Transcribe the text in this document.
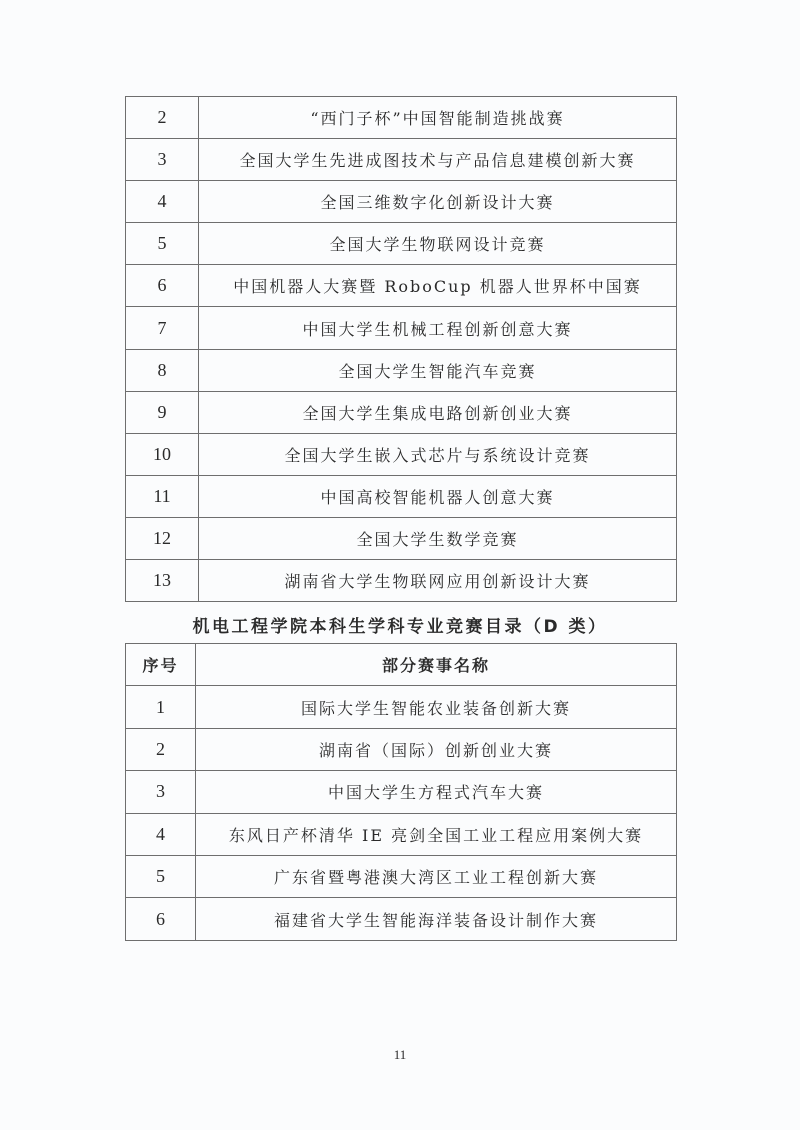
2	“西门子杯”中国智能制造挑战赛
3	全国大学生先进成图技术与产品信息建模创新大赛
4	全国三维数字化创新设计大赛
5	全国大学生物联网设计竞赛
6	中国机器人大赛暨 RoboCup 机器人世界杯中国赛
7	中国大学生机械工程创新创意大赛
8	全国大学生智能汽车竞赛
9	全国大学生集成电路创新创业大赛
10	全国大学生嵌入式芯片与系统设计竞赛
11	中国高校智能机器人创意大赛
12	全国大学生数学竞赛
13	湖南省大学生物联网应用创新设计大赛
机电工程学院本科生学科专业竞赛目录（D 类）
序号	部分赛事名称
1	国际大学生智能农业装备创新大赛
2	湖南省（国际）创新创业大赛
3	中国大学生方程式汽车大赛
4	东风日产杯清华 IE 亮剑全国工业工程应用案例大赛
5	广东省暨粤港澳大湾区工业工程创新大赛
6	福建省大学生智能海洋装备设计制作大赛
11
